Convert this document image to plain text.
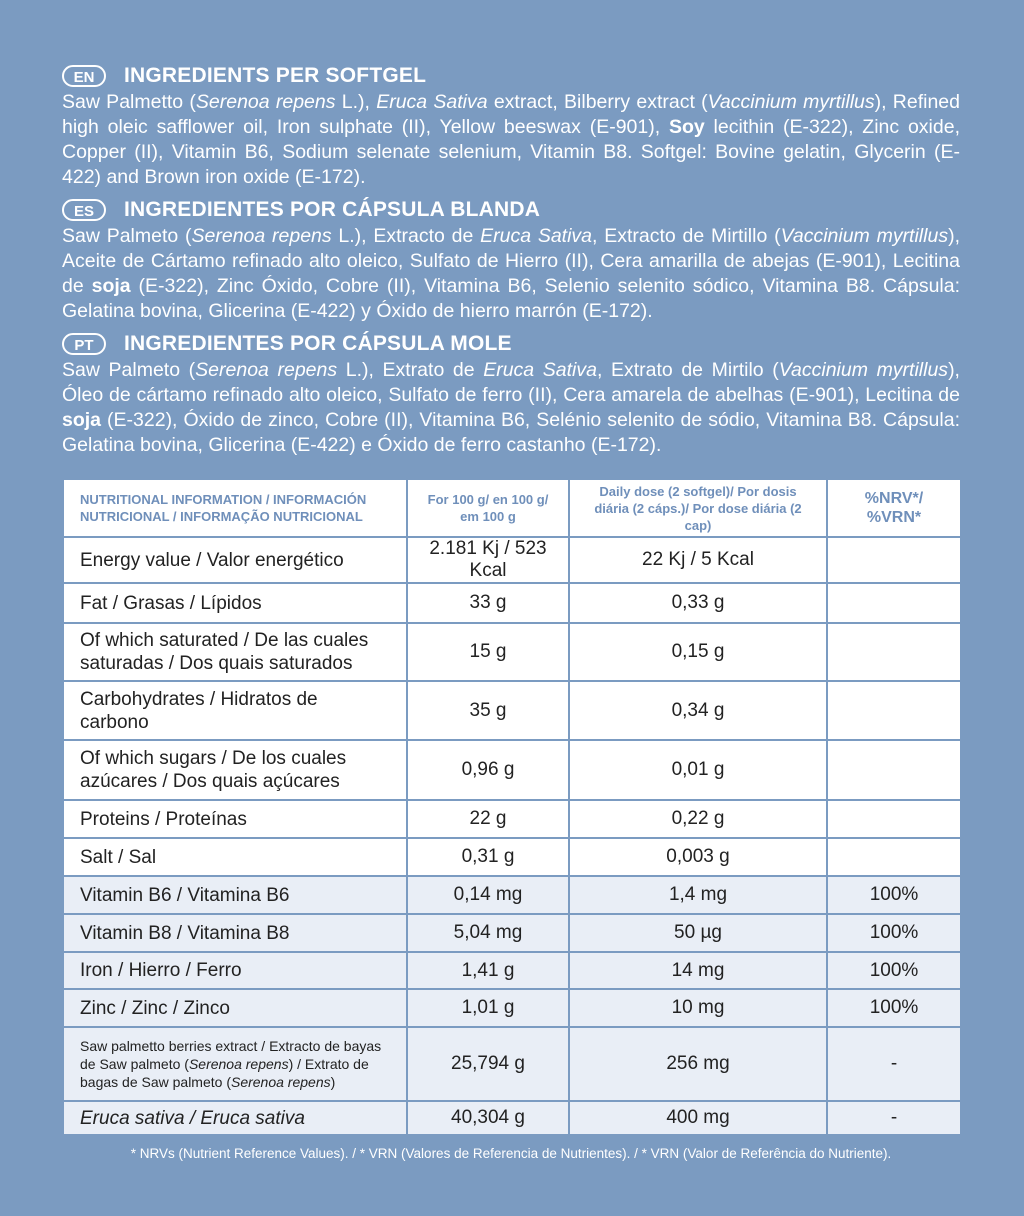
EN	INGREDIENTS PER SOFTGEL
Saw Palmetto (Serenoa repens L.), Eruca Sativa extract, Bilberry extract (Vaccinium myrtillus), Refined high oleic safflower oil, Iron sulphate (II), Yellow beeswax (E-901), Soy lecithin (E-322), Zinc oxide, Copper (II), Vitamin B6, Sodium selenate selenium, Vitamin B8. Softgel: Bovine gelatin, Glycerin (E-422) and Brown iron oxide (E-172).
ES	INGREDIENTES POR CÁPSULA BLANDA
Saw Palmeto (Serenoa repens L.), Extracto de Eruca Sativa, Extracto de Mirtillo (Vaccinium myrtillus), Aceite de Cártamo refinado alto oleico, Sulfato de Hierro (II), Cera amarilla de abejas (E-901), Lecitina de soja (E-322), Zinc Óxido, Cobre (II), Vitamina B6, Selenio selenito sódico, Vitamina B8. Cápsula: Gelatina bovina, Glicerina (E-422) y Óxido de hierro marrón (E-172).
PT	INGREDIENTES POR CÁPSULA MOLE
Saw Palmeto (Serenoa repens L.), Extrato de Eruca Sativa, Extrato de Mirtilo (Vaccinium myrtillus), Óleo de cártamo refinado alto oleico, Sulfato de ferro (II), Cera amarela de abelhas (E-901), Lecitina de soja (E-322), Óxido de zinco, Cobre (II), Vitamina B6, Selénio selenito de sódio, Vitamina B8. Cápsula: Gelatina bovina, Glicerina (E-422) e Óxido de ferro castanho (E-172).
NUTRITIONAL INFORMATION / INFORMACIÓN NUTRICIONAL / INFORMAÇÃO NUTRICIONAL	For 100 g/ en 100 g/ em 100 g	Daily dose (2 softgel)/ Por dosis diária (2 cáps.)/ Por dose diária (2 cap)	%NRV*/ %VRN*
Energy value / Valor energético	2.181 Kj / 523 Kcal	22 Kj / 5 Kcal	
Fat / Grasas / Lípidos	33 g	0,33 g	
Of which saturated / De las cuales saturadas / Dos quais saturados	15 g	0,15 g	
Carbohydrates / Hidratos de carbono	35 g	0,34 g	
Of which sugars / De los cuales azúcares / Dos quais açúcares	0,96 g	0,01 g	
Proteins / Proteínas	22 g	0,22 g	
Salt / Sal	0,31 g	0,003 g	
Vitamin B6 / Vitamina B6	0,14 mg	1,4 mg	100%
Vitamin B8 / Vitamina B8	5,04 mg	50 µg	100%
Iron / Hierro / Ferro	1,41 g	14 mg	100%
Zinc / Zinc / Zinco	1,01 g	10 mg	100%
Saw palmetto berries extract / Extracto de bayas de Saw palmeto (Serenoa repens) / Extrato de bagas de Saw palmeto (Serenoa repens)	25,794 g	256 mg	-
Eruca sativa / Eruca sativa	40,304 g	400 mg	-
* NRVs (Nutrient Reference Values). / * VRN (Valores de Referencia de Nutrientes). / * VRN (Valor de Referência do Nutriente).
